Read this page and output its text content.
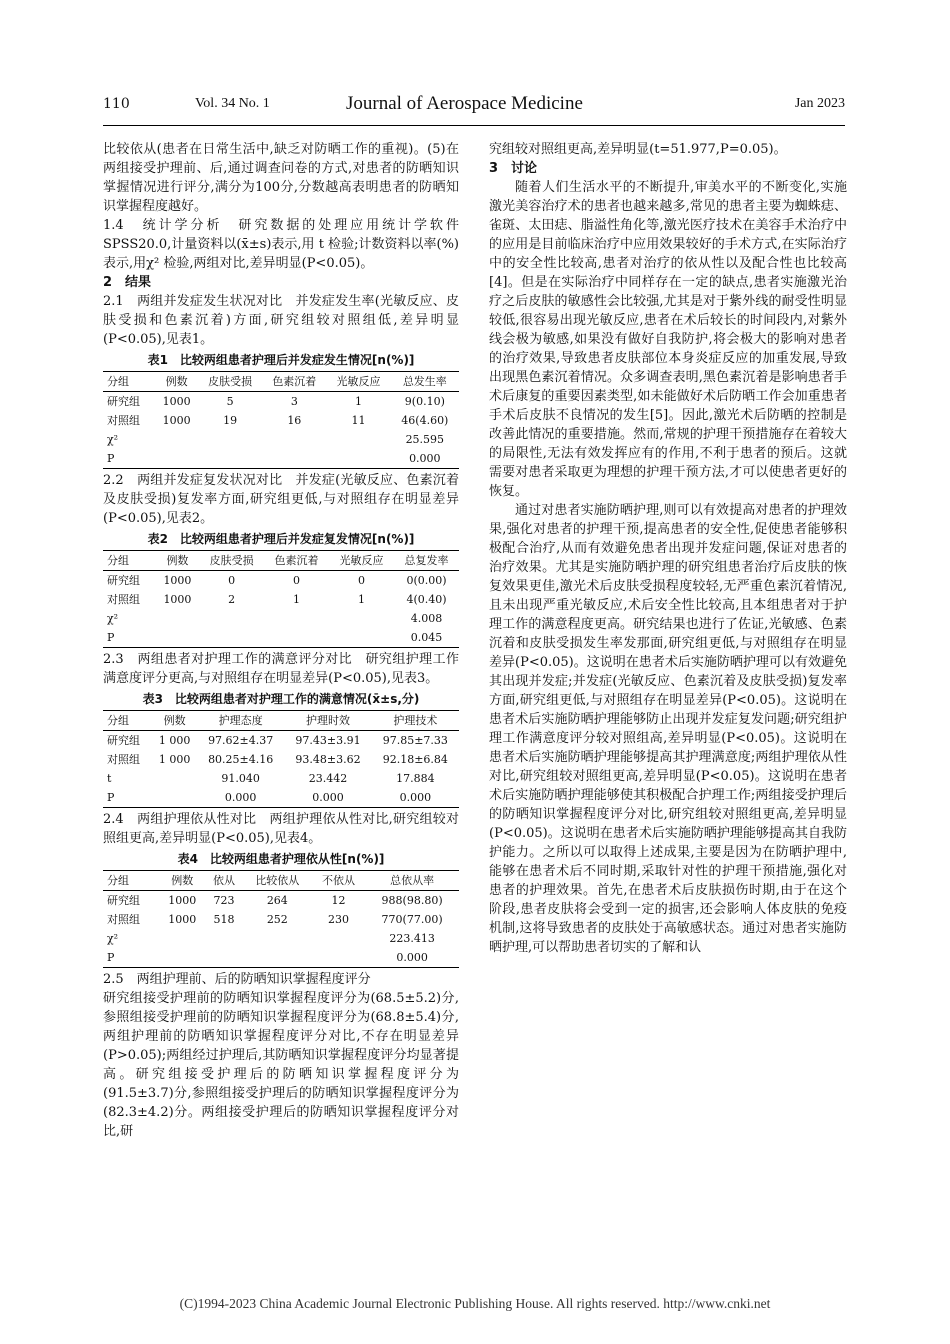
110	Vol. 34 No. 1	Journal of Aerospace Medicine	Jan 2023

比较依从(患者在日常生活中,缺乏对防晒工作的重视)。(5)在两组接受护理前、后,通过调查问卷的方式,对患者的防晒知识掌握情况进行评分,满分为100分,分数越高表明患者的防晒知识掌握程度越好。

1.4　统计学分析　研究数据的处理应用统计学软件 SPSS20.0,计量资料以(x̄±s)表示,用 t 检验;计数资料以率(%)表示,用χ² 检验,两组对比,差异明显(P<0.05)。

2　结果

2.1　两组并发症发生状况对比　并发症发生率(光敏反应、皮肤受损和色素沉着)方面,研究组较对照组低,差异明显(P<0.05),见表1。

表1　比较两组患者护理后并发症发生情况[n(%)]
分组	例数	皮肤受损	色素沉着	光敏反应	总发生率
研究组	1000	5	3	1	9(0.10)
对照组	1000	19	16	11	46(4.60)
χ²					25.595
P					0.000

2.2　两组并发症复发状况对比　并发症(光敏反应、色素沉着及皮肤受损)复发率方面,研究组更低,与对照组存在明显差异(P<0.05),见表2。

表2　比较两组患者护理后并发症复发情况[n(%)]
分组	例数	皮肤受损	色素沉着	光敏反应	总复发率
研究组	1000	0	0	0	0(0.00)
对照组	1000	2	1	1	4(0.40)
χ²					4.008
P					0.045

2.3　两组患者对护理工作的满意评分对比　研究组护理工作满意度评分更高,与对照组存在明显差异(P<0.05),见表3。

表3　比较两组患者对护理工作的满意情况(x̄±s,分)
分组	例数	护理态度	护理时效	护理技术
研究组	1 000	97.62±4.37	97.43±3.91	97.85±7.33
对照组	1 000	80.25±4.16	93.48±3.62	92.18±6.84
t		91.040	23.442	17.884
P		0.000	0.000	0.000

2.4　两组护理依从性对比　两组护理依从性对比,研究组较对照组更高,差异明显(P<0.05),见表4。

表4　比较两组患者护理依从性[n(%)]
分组	例数	依从	比较依从	不依从	总依从率
研究组	1000	723	264	12	988(98.80)
对照组	1000	518	252	230	770(77.00)
χ²					223.413
P					0.000

2.5　两组护理前、后的防晒知识掌握程度评分

研究组接受护理前的防晒知识掌握程度评分为(68.5±5.2)分,参照组接受护理前的防晒知识掌握程度评分为(68.8±5.4)分,两组护理前的防晒知识掌握程度评分对比,不存在明显差异(P>0.05);两组经过护理后,其防晒知识掌握程度评分均显著提高。研究组接受护理后的防晒知识掌握程度评分为(91.5±3.7)分,参照组接受护理后的防晒知识掌握程度评分为(82.3±4.2)分。两组接受护理后的防晒知识掌握程度评分对比,研

究组较对照组更高,差异明显(t=51.977,P=0.05)。

3　讨论

随着人们生活水平的不断提升,审美水平的不断变化,实施激光美容治疗术的患者也越来越多,常见的患者主要为蜘蛛痣、雀斑、太田痣、脂溢性角化等,激光医疗技术在美容手术治疗中的应用是目前临床治疗中应用效果较好的手术方式,在实际治疗中的安全性比较高,患者对治疗的依从性以及配合性也比较高[4]。但是在实际治疗中同样存在一定的缺点,患者实施激光治疗之后皮肤的敏感性会比较强,尤其是对于紫外线的耐受性明显较低,很容易出现光敏反应,患者在术后较长的时间段内,对紫外线会极为敏感,如果没有做好自我防护,将会极大的影响对患者的治疗效果,导致患者皮肤部位本身炎症反应的加重发展,导致出现黑色素沉着情况。众多调查表明,黑色素沉着是影响患者手术后康复的重要因素类型,如未能做好术后防晒工作会加重患者手术后皮肤不良情况的发生[5]。因此,激光术后防晒的控制是改善此情况的重要措施。然而,常规的护理干预措施存在着较大的局限性,无法有效发挥应有的作用,不利于患者的预后。这就需要对患者采取更为理想的护理干预方法,才可以使患者更好的恢复。

通过对患者实施防晒护理,则可以有效提高对患者的护理效果,强化对患者的护理干预,提高患者的安全性,促使患者能够积极配合治疗,从而有效避免患者出现并发症问题,保证对患者的治疗效果。尤其是实施防晒护理的研究组患者治疗后皮肤的恢复效果更佳,激光术后皮肤受损程度较轻,无严重色素沉着情况,且未出现严重光敏反应,术后安全性比较高,且本组患者对于护理工作的满意程度更高。研究结果也进行了佐证,光敏感、色素沉着和皮肤受损发生率发那面,研究组更低,与对照组存在明显差异(P<0.05)。这说明在患者术后实施防晒护理可以有效避免其出现并发症;并发症(光敏反应、色素沉着及皮肤受损)复发率方面,研究组更低,与对照组存在明显差异(P<0.05)。这说明在患者术后实施防晒护理能够防止出现并发症复发问题;研究组护理工作满意度评分较对照组高,差异明显(P<0.05)。这说明在患者术后实施防晒护理能够提高其护理满意度;两组护理依从性对比,研究组较对照组更高,差异明显(P<0.05)。这说明在患者术后实施防晒护理能够使其积极配合护理工作;两组接受护理后的防晒知识掌握程度评分对比,研究组较对照组更高,差异明显(P<0.05)。这说明在患者术后实施防晒护理能够提高其自我防护能力。之所以可以取得上述成果,主要是因为在防晒护理中,能够在患者术后不同时期,采取针对性的护理干预措施,强化对患者的护理效果。首先,在患者术后皮肤损伤时期,由于在这个阶段,患者皮肤将会受到一定的损害,还会影响人体皮肤的免疫机制,这将导致患者的皮肤处于高敏感状态。通过对患者实施防晒护理,可以帮助患者切实的了解和认

(C)1994-2023 China Academic Journal Electronic Publishing House. All rights reserved. http://www.cnki.net
